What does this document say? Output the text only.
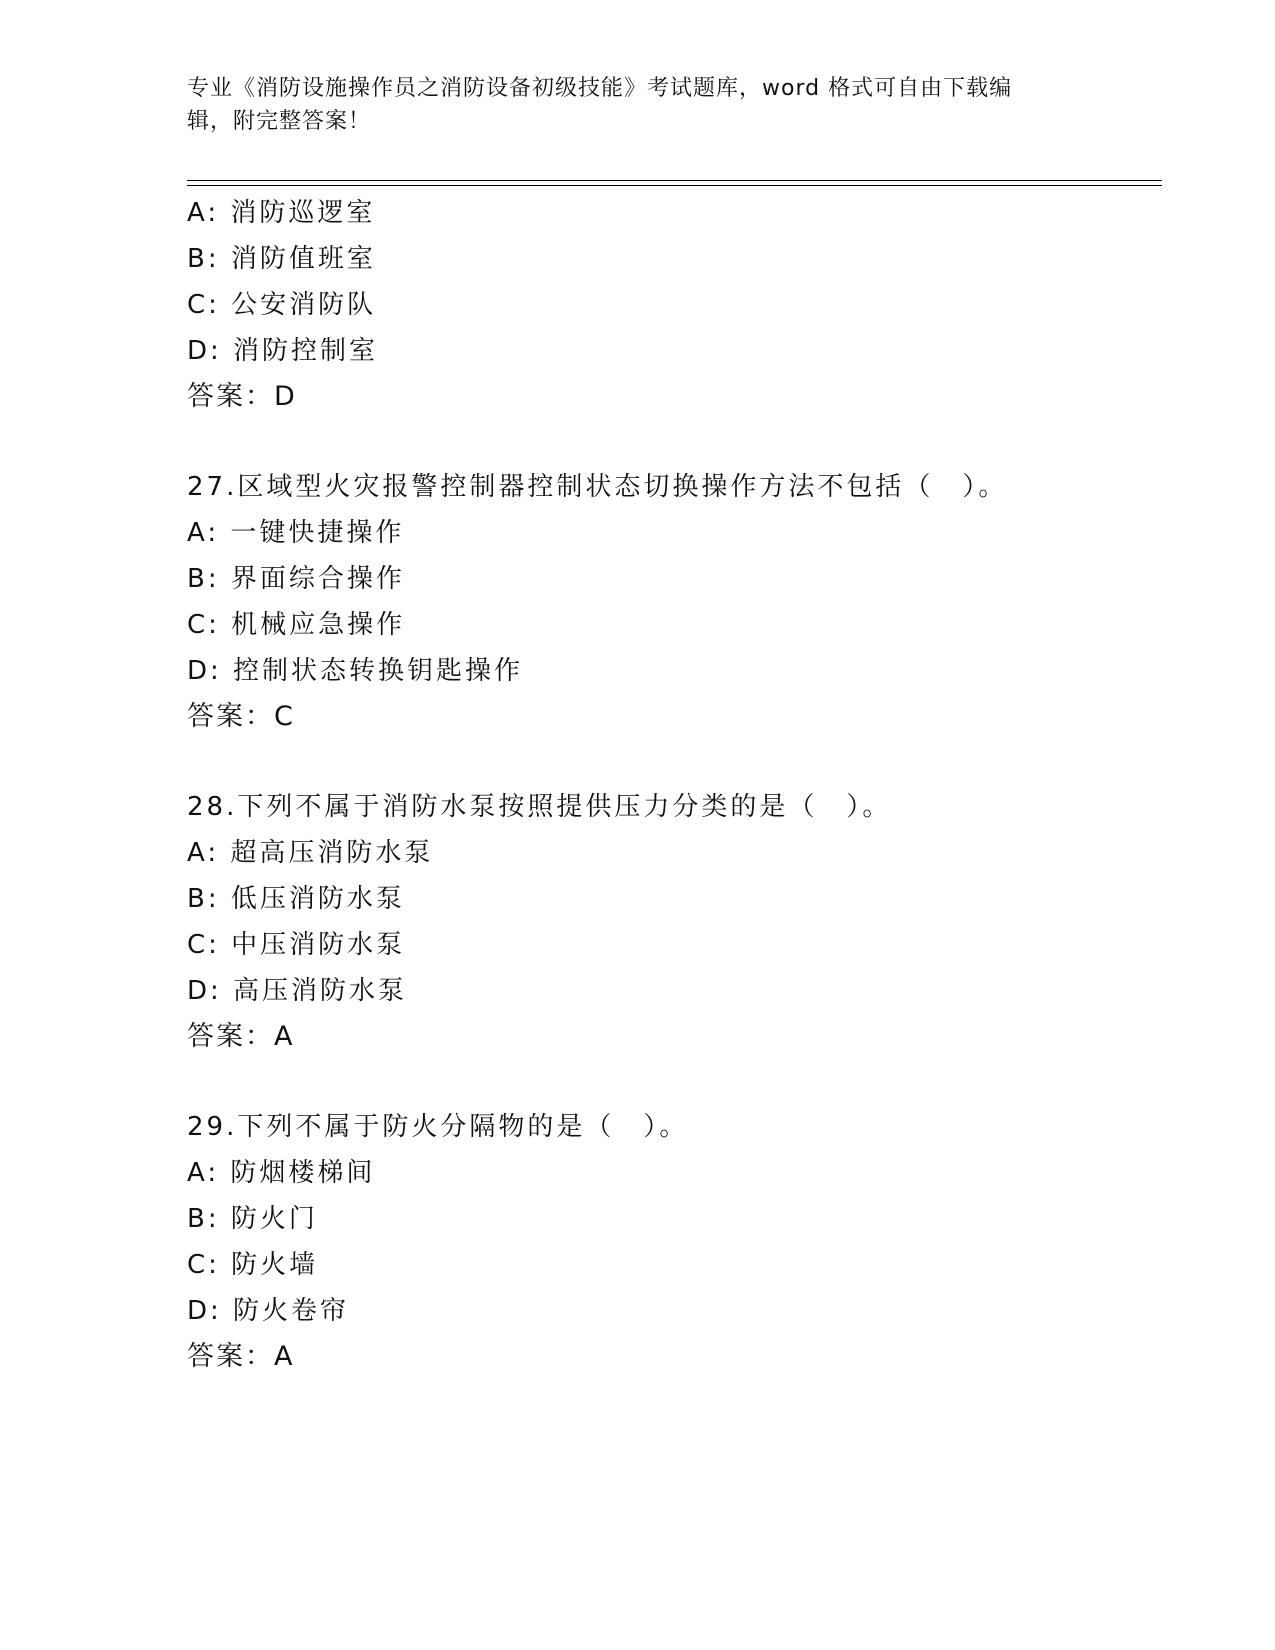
专业《消防设施操作员之消防设备初级技能》考试题库，word 格式可自由下载编
辑，附完整答案！
A: 消防巡逻室
B: 消防值班室
C: 公安消防队
D: 消防控制室
答案：D
27.区域型火灾报警控制器控制状态切换操作方法不包括（　）。
A: 一键快捷操作
B: 界面综合操作
C: 机械应急操作
D: 控制状态转换钥匙操作
答案：C
28.下列不属于消防水泵按照提供压力分类的是（　）。
A: 超高压消防水泵
B: 低压消防水泵
C: 中压消防水泵
D: 高压消防水泵
答案：A
29.下列不属于防火分隔物的是（　）。
A: 防烟楼梯间
B: 防火门
C: 防火墙
D: 防火卷帘
答案：A
